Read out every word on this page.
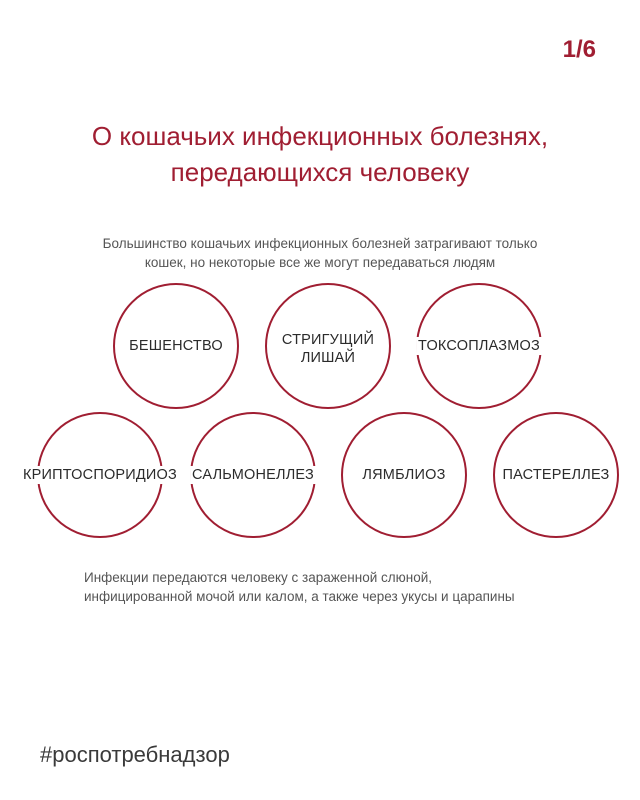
1/6
О кошачьих инфекционных болезнях,
передающихся человеку
Большинство кошачьих инфекционных болезней затрагивают только
кошек, но некоторые все же могут передаваться людям
БЕШЕНСТВО	СТРИГУЩИЙ
ЛИШАЙ
ТОКСОПЛАЗМОЗ
КРИПТОСПОРИДИОЗ САЛЬМОНЕЛЛЕЗ	ЛЯМБЛИОЗ	ПАСТЕРЕЛЛЕЗ
Инфекции передаются человеку с зараженной слюной,
инфицированной мочой или калом, а также через укусы и царапины
#роспотребнадзор
